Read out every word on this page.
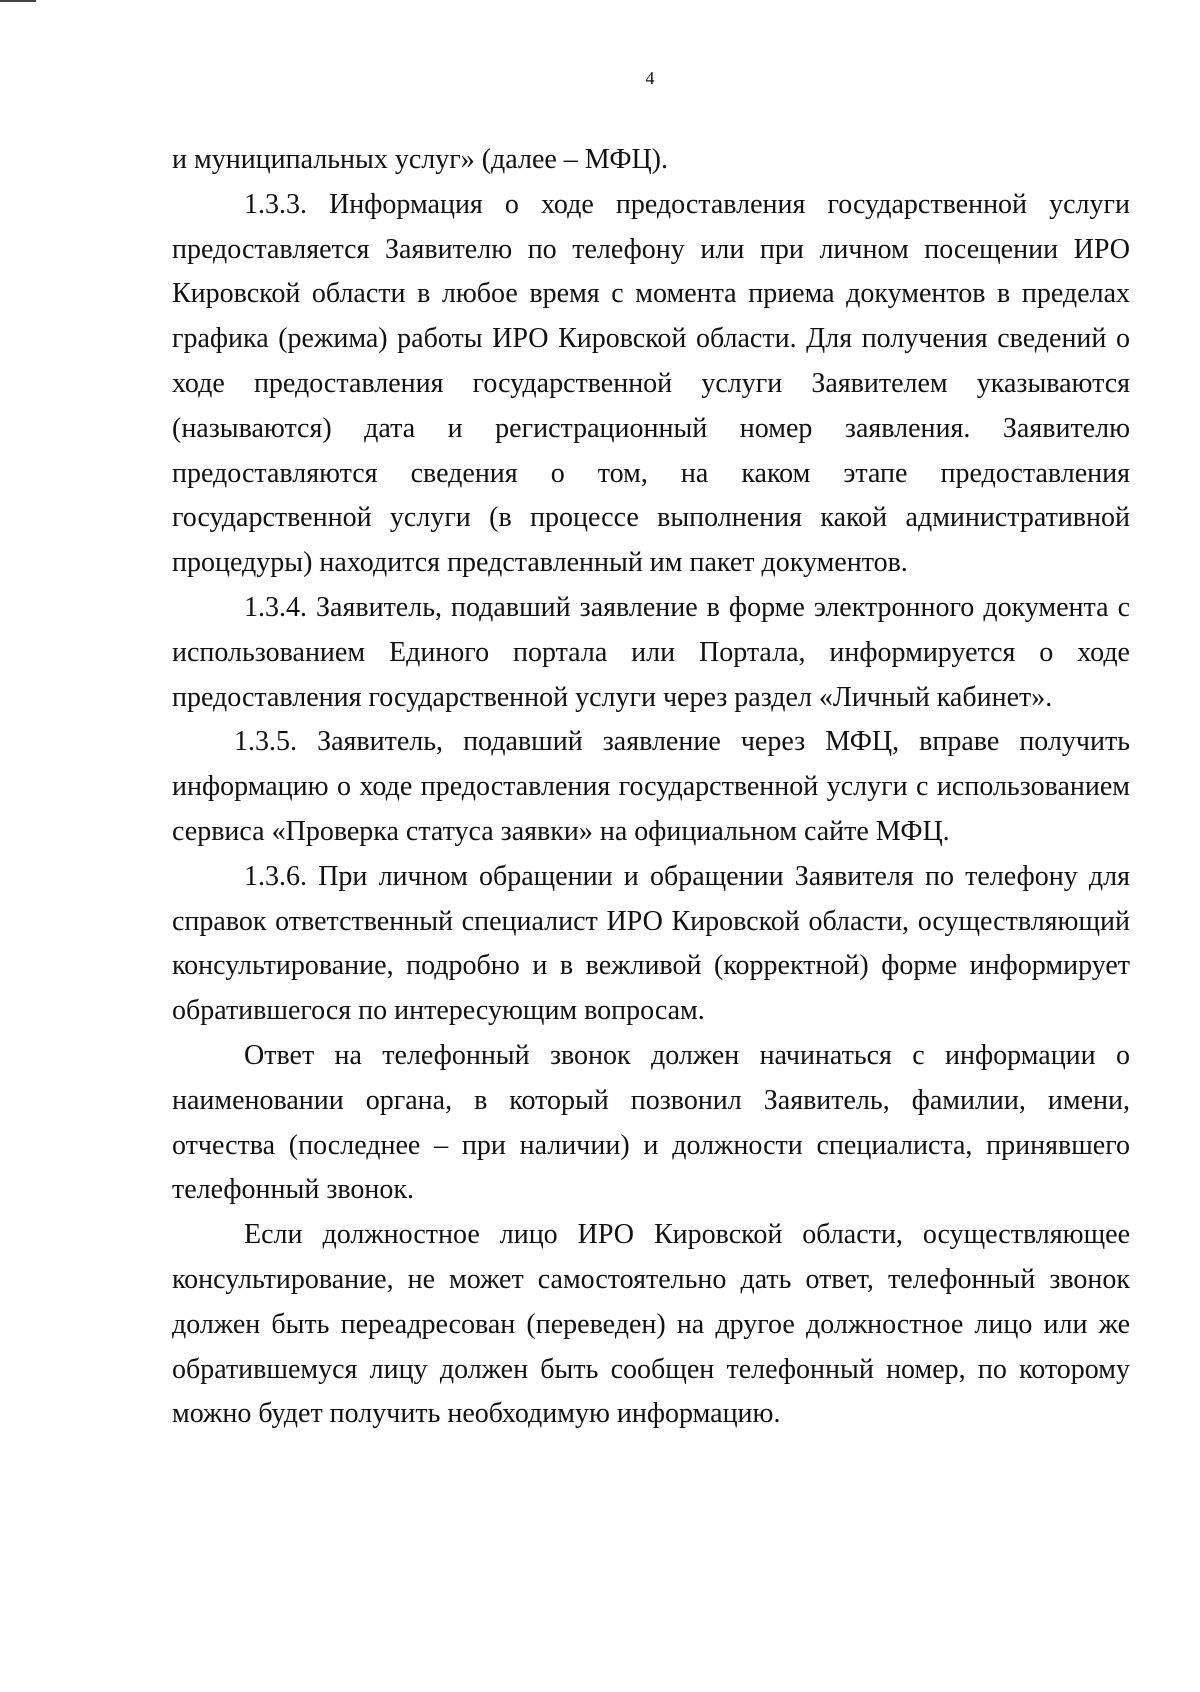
4

и муниципальных услуг» (далее – МФЦ).

1.3.3. Информация о ходе предоставления государственной услуги предоставляется Заявителю по телефону или при личном посещении ИРО Кировской области в любое время с момента приема документов в пределах графика (режима) работы ИРО Кировской области. Для получения сведений о ходе предоставления государственной услуги Заявителем указываются (называются) дата и регистрационный номер заявления. Заявителю предоставляются сведения о том, на каком этапе предоставления государственной услуги (в процессе выполнения какой административной процедуры) находится представленный им пакет документов.

1.3.4. Заявитель, подавший заявление в форме электронного документа с использованием Единого портала или Портала, информируется о ходе предоставления государственной услуги через раздел «Личный кабинет».

1.3.5. Заявитель, подавший заявление через МФЦ, вправе получить информацию о ходе предоставления государственной услуги с использованием сервиса «Проверка статуса заявки» на официальном сайте МФЦ.

1.3.6. При личном обращении и обращении Заявителя по телефону для справок ответственный специалист ИРО Кировской области, осуществляющий консультирование, подробно и в вежливой (корректной) форме информирует обратившегося по интересующим вопросам.

Ответ на телефонный звонок должен начинаться с информации о наименовании органа, в который позвонил Заявитель, фамилии, имени, отчества (последнее – при наличии) и должности специалиста, принявшего телефонный звонок.

Если должностное лицо ИРО Кировской области, осуществляющее консультирование, не может самостоятельно дать ответ, телефонный звонок должен быть переадресован (переведен) на другое должностное лицо или же обратившемуся лицу должен быть сообщен телефонный номер, по которому можно будет получить необходимую информацию.
